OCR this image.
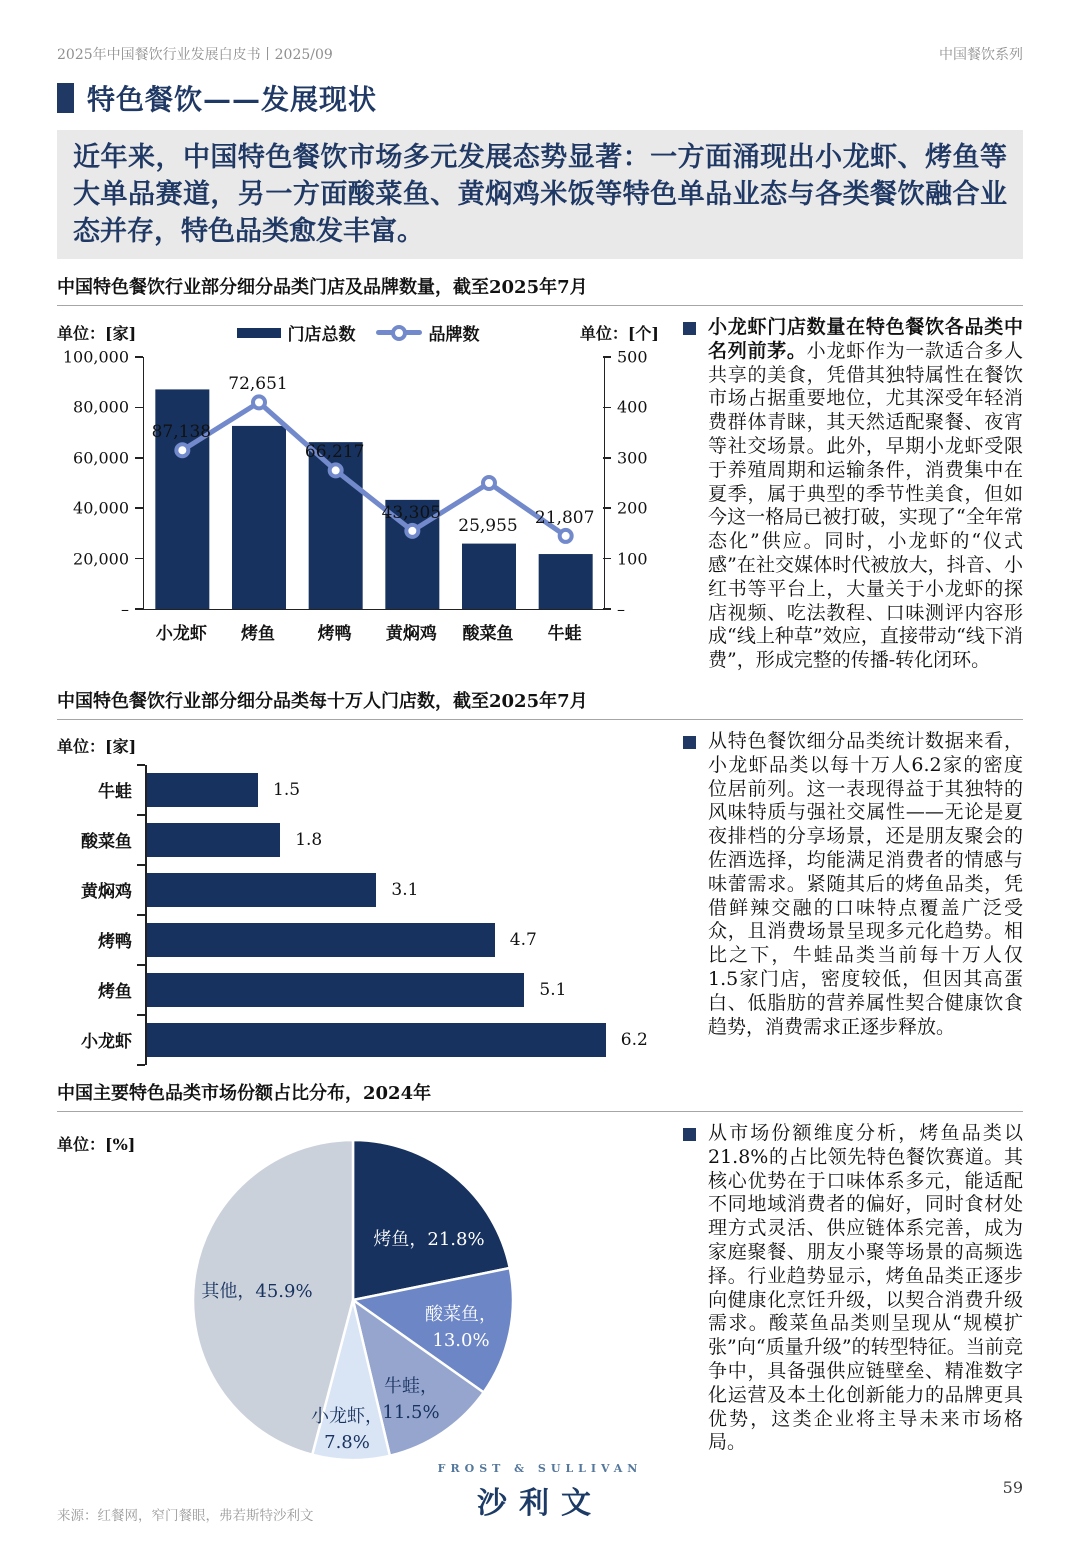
2025年中国餐饮行业发展白皮书丨2025/09	中国餐饮系列
特色餐饮——发展现状
近年来，中国特色餐饮市场多元发展态势显著：一方面涌现出小龙虾、烤鱼等大单品赛道，另一方面酸菜鱼、黄焖鸡米饭等特色单品业态与各类餐饮融合业态并存，特色品类愈发丰富。
中国特色餐饮行业部分细分品类门店及品牌数量，截至2025年7月
单位：[家]	门店总数	品牌数	单位：[个]
100,000
80,000
60,000
40,000
20,000
–
500
400
300
200
100
–
87,138
72,651
66,217
43,305
25,955 21,807
小龙虾 烤鱼	烤鸭 黄焖鸡 酸菜鱼 牛蛙
小龙虾门店数量在特色餐饮各品类中名列前茅。小龙虾作为一款适合多人共享的美食，凭借其独特属性在餐饮市场占据重要地位，尤其深受年轻消费群体青睐，其天然适配聚餐、夜宵等社交场景。此外，早期小龙虾受限于养殖周期和运输条件，消费集中在夏季，属于典型的季节性美食，但如今这一格局已被打破，实现了“全年常态化”供应。同时，小龙虾的“仪式感”在社交媒体时代被放大，抖音、小红书等平台上，大量关于小龙虾的探店视频、吃法教程、口味测评内容形成“线上种草”效应，直接带动“线下消费”，形成完整的传播-转化闭环。
中国特色餐饮行业部分细分品类每十万人门店数，截至2025年7月
单位：[家]
牛蛙
酸菜鱼
黄焖鸡
烤鸭
烤鱼
小龙虾
1.5
1.8
3.1
4.7
5.1
6.2
从特色餐饮细分品类统计数据来看，小龙虾品类以每十万人6.2家的密度位居前列。这一表现得益于其独特的风味特质与强社交属性——无论是夏夜排档的分享场景，还是朋友聚会的佐酒选择，均能满足消费者的情感与味蕾需求。紧随其后的烤鱼品类，凭借鲜辣交融的口味特点覆盖广泛受众，且消费场景呈现多元化趋势。相比之下，牛蛙品类当前每十万人仅1.5家门店，密度较低，但因其高蛋白、低脂肪的营养属性契合健康饮食趋势，消费需求正逐步释放。
中国主要特色品类市场份额占比分布，2024年
单位：[%]
烤鱼，21.8%
酸菜鱼，
13.0%
牛蛙，
11.5%
小龙虾，
7.8%
其他，45.9%
从市场份额维度分析，烤鱼品类以21.8%的占比领先特色餐饮赛道。其核心优势在于口味体系多元，能适配不同地域消费者的偏好，同时食材处理方式灵活、供应链体系完善，成为家庭聚餐、朋友小聚等场景的高频选择。行业趋势显示，烤鱼品类正逐步向健康化烹饪升级，以契合消费升级需求。酸菜鱼品类则呈现从“规模扩张”向“质量升级”的转型特征。当前竞争中，具备强供应链壁垒、精准数字化运营及本土化创新能力的品牌更具优势，这类企业将主导未来市场格局。
来源：红餐网，窄门餐眼，弗若斯特沙利文
FROST & SULLIVAN
沙利文	59
